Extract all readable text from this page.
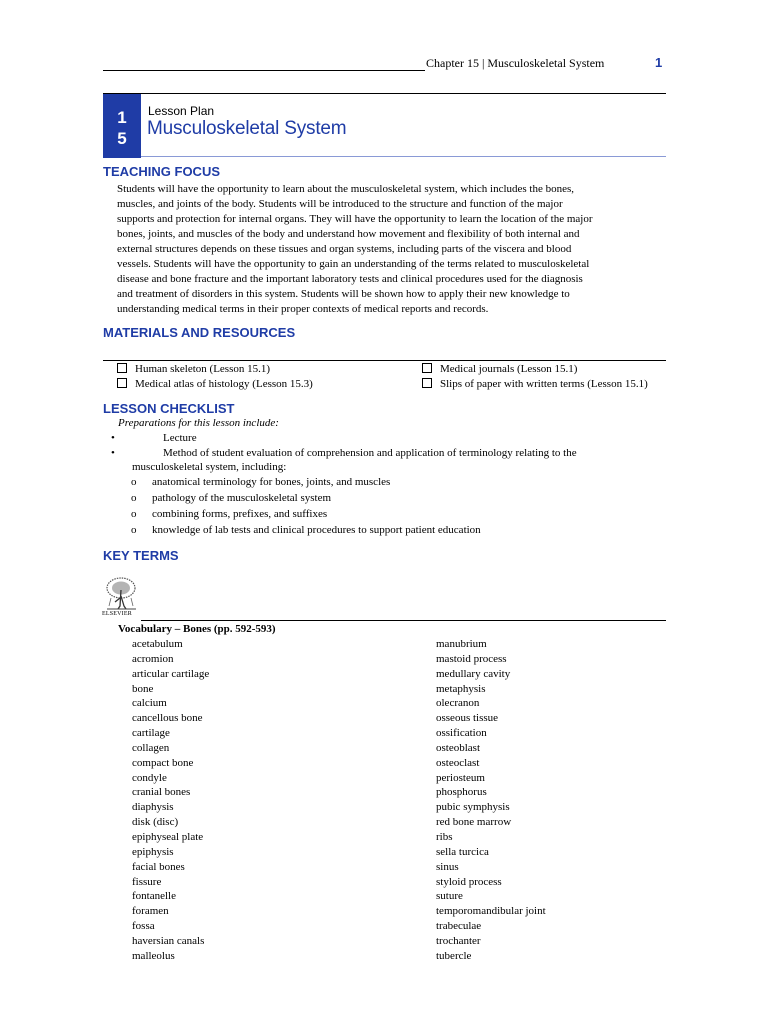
Chapter 15 | Musculoskeletal System	1
1
5
Lesson Plan
Musculoskeletal System
TEACHING FOCUS
Students will have the opportunity to learn about the musculoskeletal system, which includes the bones,
muscles, and joints of the body. Students will be introduced to the structure and function of the major
supports and protection for internal organs. They will have the opportunity to learn the location of the major
bones, joints, and muscles of the body and understand how movement and flexibility of both internal and
external structures depends on these tissues and organ systems, including parts of the viscera and blood
vessels. Students will have the opportunity to gain an understanding of the terms related to musculoskeletal
disease and bone fracture and the important laboratory tests and clinical procedures used for the diagnosis
and treatment of disorders in this system. Students will be shown how to apply their new knowledge to
understanding medical terms in their proper contexts of medical reports and records.
MATERIALS AND RESOURCES
Human skeleton (Lesson 15.1)	Medical journals (Lesson 15.1)
Medical atlas of histology (Lesson 15.3)	Slips of paper with written terms (Lesson 15.1)
LESSON CHECKLIST
Preparations for this lesson include:
•	Lecture
•	Method of student evaluation of comprehension and application of terminology relating to the
musculoskeletal system, including:
o anatomical terminology for bones, joints, and muscles
o pathology of the musculoskeletal system
o combining forms, prefixes, and suffixes
o knowledge of lab tests and clinical procedures to support patient education
KEY TERMS
ELSEVIER
Vocabulary – Bones (pp. 592-593)
acetabulum
acromion
articular cartilage
bone
calcium
cancellous bone
cartilage
collagen
compact bone
condyle
cranial bones
diaphysis
disk (disc)
epiphyseal plate
epiphysis
facial bones
fissure
fontanelle
foramen
fossa
haversian canals
malleolus
manubrium
mastoid process
medullary cavity
metaphysis
olecranon
osseous tissue
ossification
osteoblast
osteoclast
periosteum
phosphorus
pubic symphysis
red bone marrow
ribs
sella turcica
sinus
styloid process
suture
temporomandibular joint
trabeculae
trochanter
tubercle
